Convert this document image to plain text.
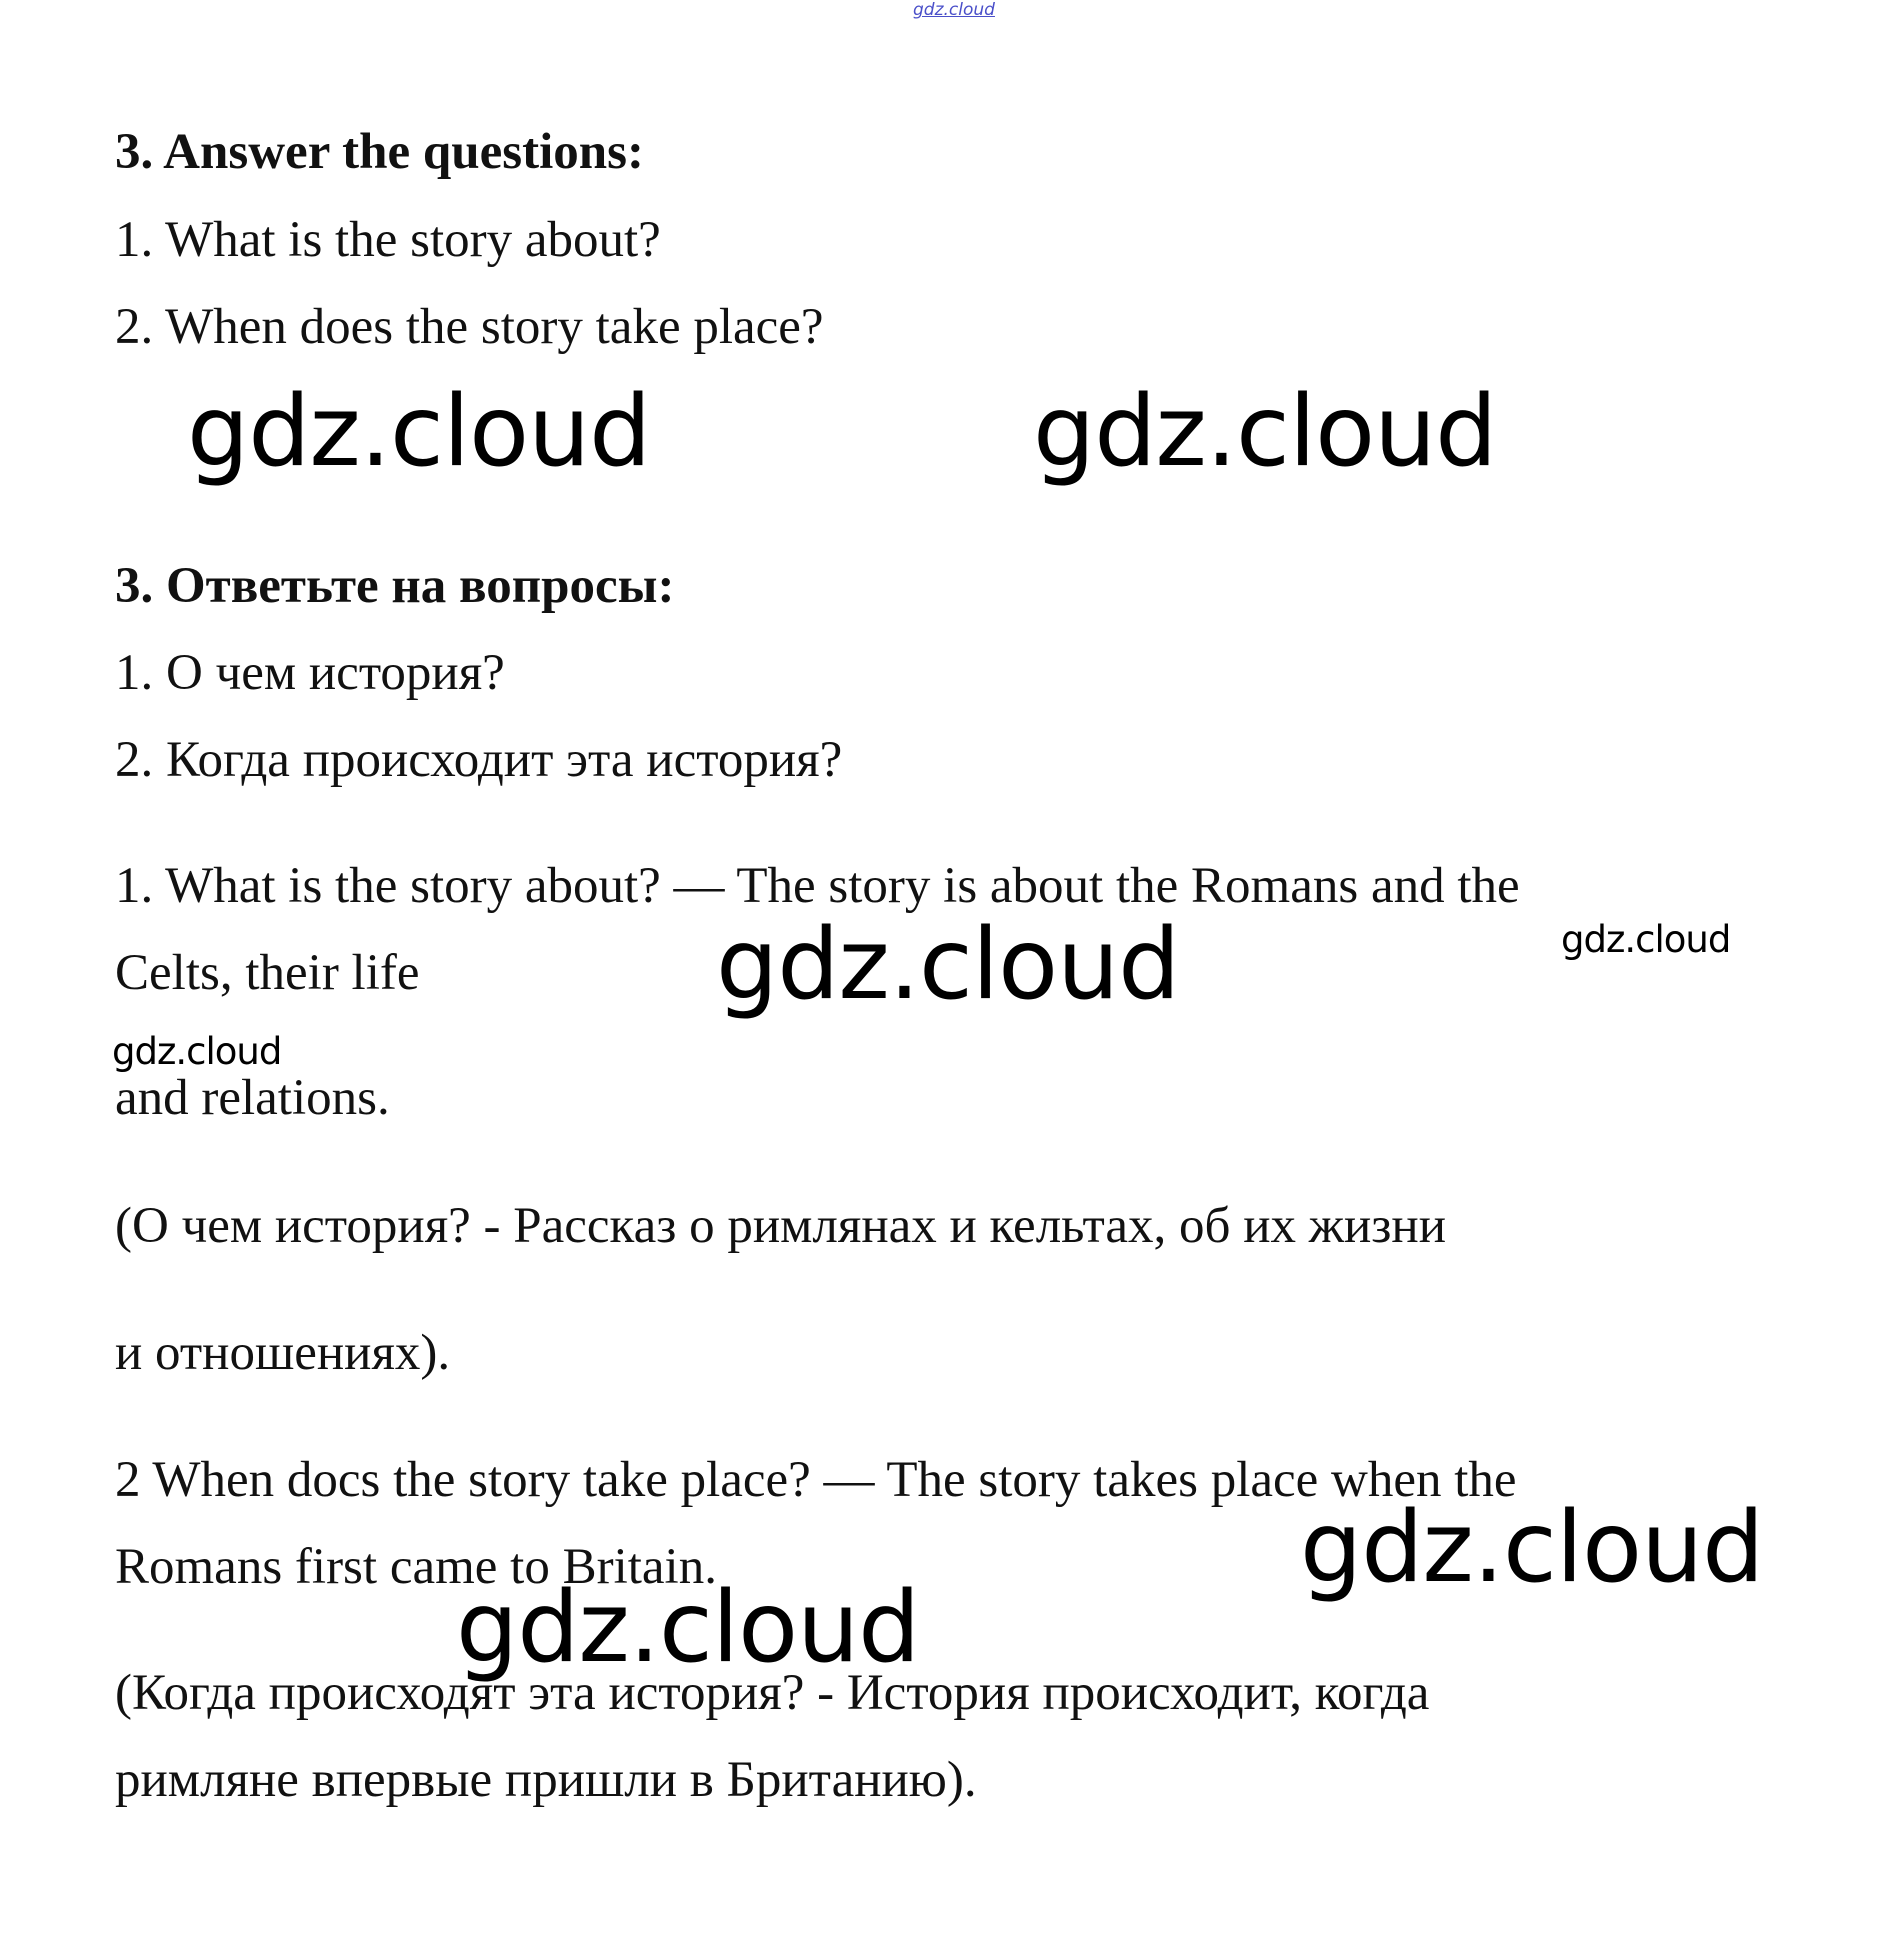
gdz.cloud
3. Answer the questions:
1. What is the story about?
2. When does the story take place?
gdz.cloud	gdz.cloud
3. Ответьте на вопросы:
1. О чем история?
2. Когда происходит эта история?
1. What is the story about? — The story is about the Romans and the
gdz.cloud
Celts, their life	gdz.cloud
gdz.cloud
and relations.
(О чем история? - Рассказ о римлянах и кельтах, об их жизни
и отношениях).
2 When docs the story take place? — The story takes place when the
gdz.cloud
Romans first came to Britain.
gdz.cloud
(Когда происходят эта история? - История происходит, когда
римляне впервые пришли в Британию).
